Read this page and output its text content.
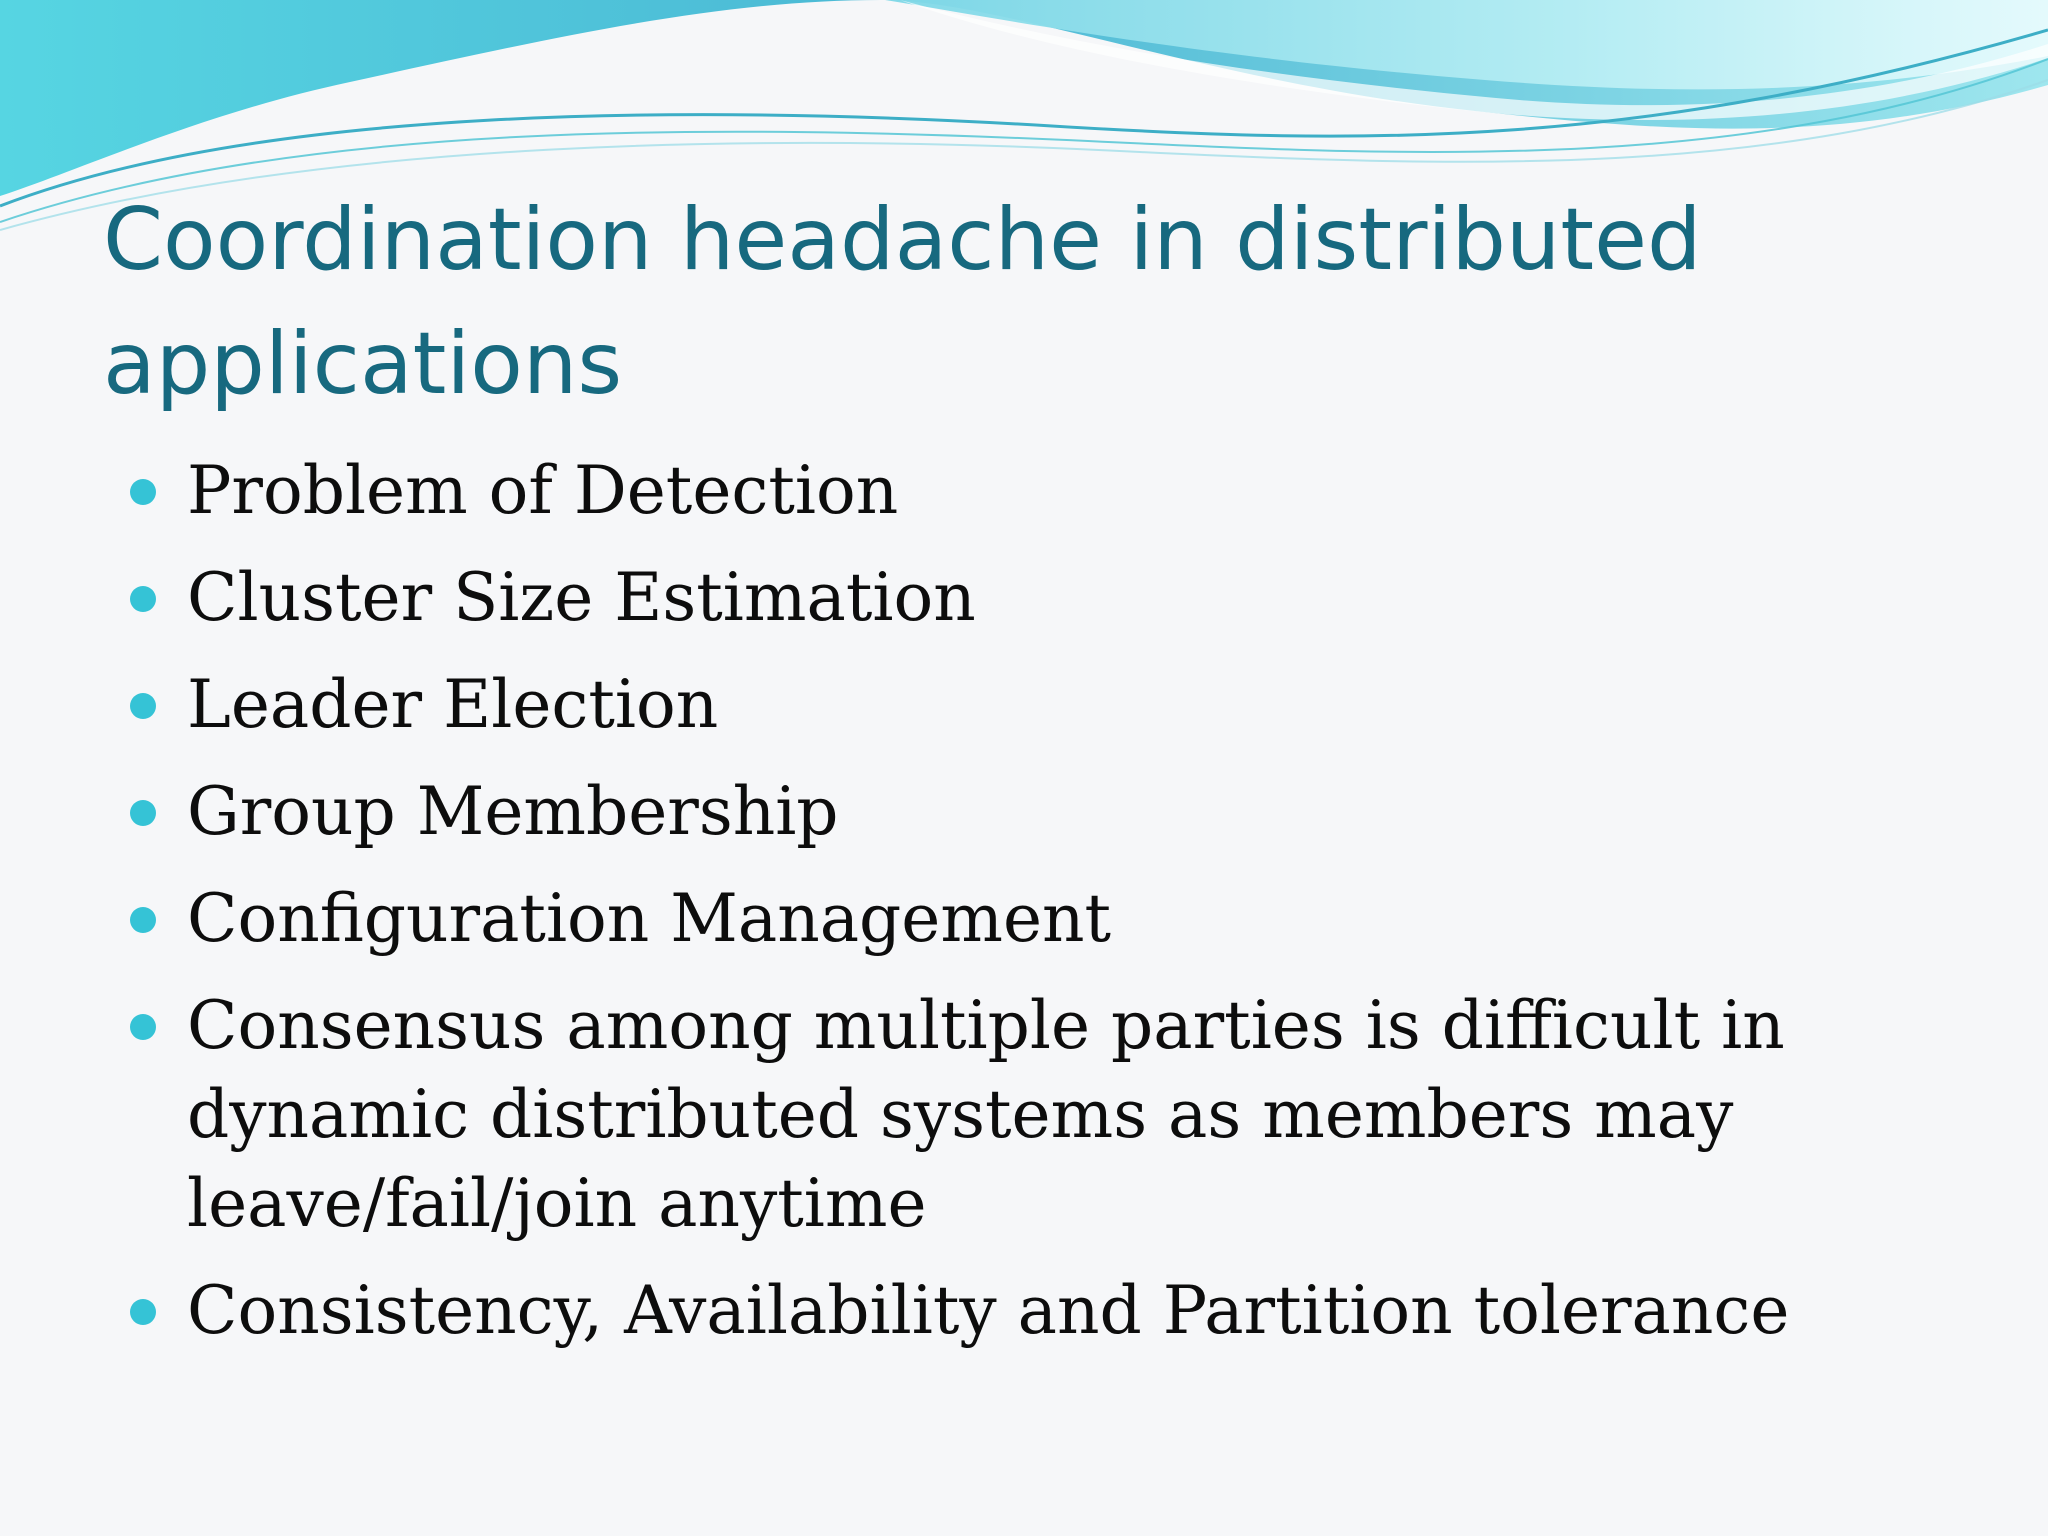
Coordination headache in distributed applications
Problem of Detection
Cluster Size Estimation
Leader Election
Group Membership
Configuration Management
Consensus among multiple parties is difficult in dynamic distributed systems as members may leave/fail/join anytime
Consistency, Availability and Partition tolerance
